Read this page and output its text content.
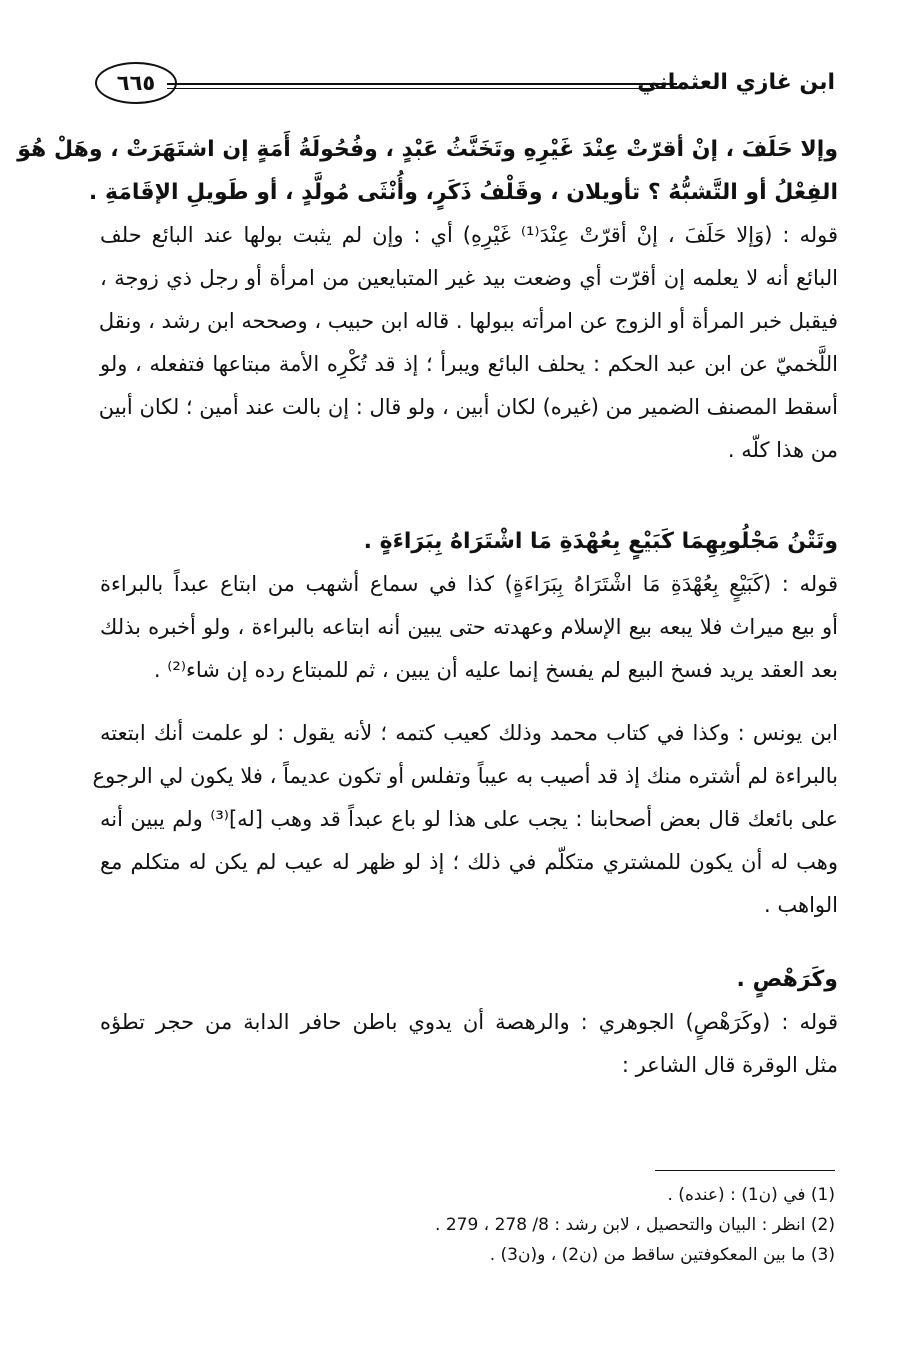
٦٦٥	ابن غازي العثماني
وإلا حَلَفَ ، إنْ أقرّتْ عِنْدَ غَيْرِهِ وتَخَنَّثُ عَبْدٍ ، وفُحُولَةُ أَمَةٍ إن اشتَهَرَتْ ، وهَلْ هُوَ
الفِعْلُ أو التَّشبُّهُ ؟ تأويلان ، وقَلْفُ ذَكَرٍ، وأُنْثَى مُولَّدٍ ، أو طَويلِ الإقَامَةِ .
قوله : (وَإلا حَلَفَ ، إنْ أقرّتْ عِنْدَ⁽¹⁾ غَيْرِهِ) أي : وإن لم يثبت بولها عند البائع حلف
البائع أنه لا يعلمه إن أقرّت أي وضعت بيد غير المتبايعين من امرأة أو رجل ذي زوجة ،
فيقبل خبر المرأة أو الزوج عن امرأته ببولها . قاله ابن حبيب ، وصححه ابن رشد ، ونقل
اللَّخميّ عن ابن عبد الحكم : يحلف البائع ويبرأ ؛ إذ قد تُكْرِه الأمة مبتاعها فتفعله ، ولو
أسقط المصنف الضمير من (غيره) لكان أبين ، ولو قال : إن بالت عند أمين ؛ لكان أبين
من هذا كلّه .
وتَتْنُ مَجْلُوبِهِمَا كَبَيْعٍ بِعُهْدَةِ مَا اشْتَرَاهُ بِبَرَاءَةٍ .
قوله : (كَبَيْعٍ بِعُهْدَةِ مَا اشْتَرَاهُ بِبَرَاءَةٍ) كذا في سماع أشهب من ابتاع عبداً بالبراءة
أو بيع ميراث فلا يبعه بيع الإسلام وعهدته حتى يبين أنه ابتاعه بالبراءة ، ولو أخبره بذلك
بعد العقد يريد فسخ البيع لم يفسخ إنما عليه أن يبين ، ثم للمبتاع رده إن شاء⁽²⁾ .
ابن يونس : وكذا في كتاب محمد وذلك كعيب كتمه ؛ لأنه يقول : لو علمت أنك ابتعته
بالبراءة لم أشتره منك إذ قد أصيب به عيباً وتفلس أو تكون عديماً ، فلا يكون لي الرجوع
على بائعك قال بعض أصحابنا : يجب على هذا لو باع عبداً قد وهب [له]⁽³⁾ ولم يبين أنه
وهب له أن يكون للمشتري متكلّم في ذلك ؛ إذ لو ظهر له عيب لم يكن له متكلم مع
الواهب .
وكَرَهْصٍ .
قوله : (وكَرَهْصٍ) الجوهري : والرهصة أن يدوي باطن حافر الدابة من حجر تطؤه
مثل الوقرة قال الشاعر :
(1) في (ن1) : (عنده) .
(2) انظر : البيان والتحصيل ، لابن رشد : 8/ 278 ، 279 .
(3) ما بين المعكوفتين ساقط من (ن2) ، و(ن3) .
